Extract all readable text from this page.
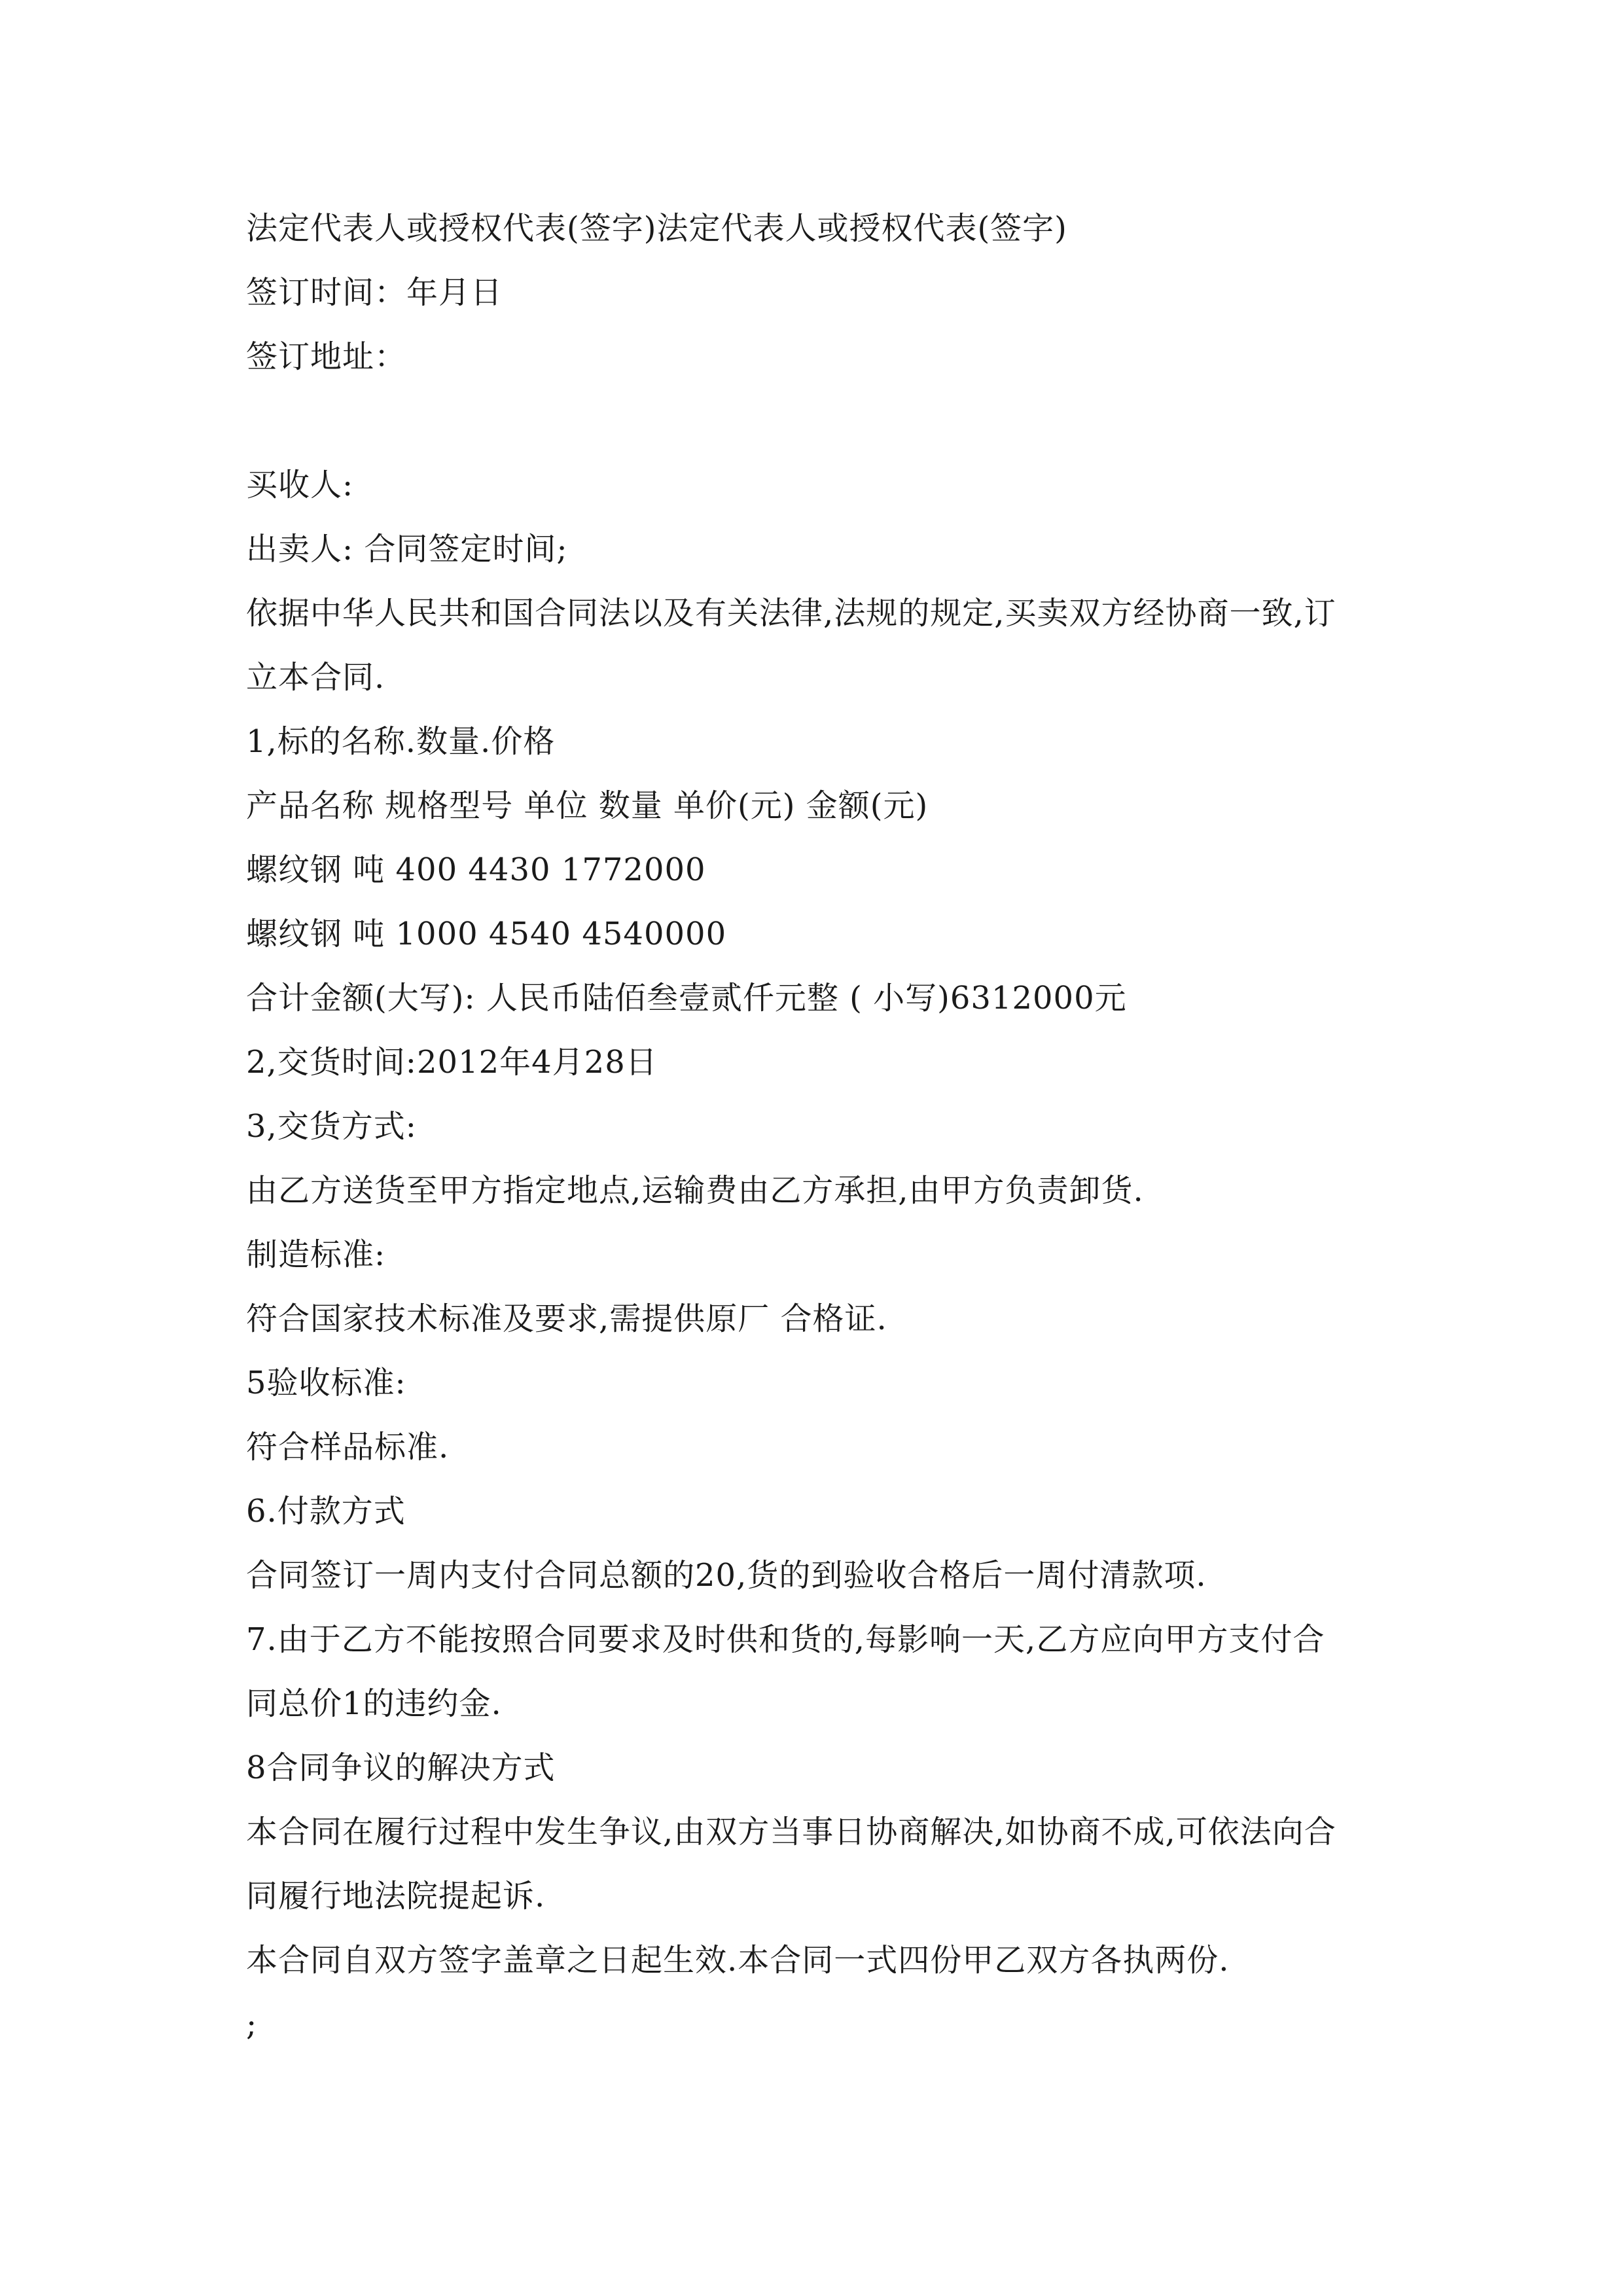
法定代表人或授权代表(签字)法定代表人或授权代表(签字)
签订时间：年月日
签订地址：
买收人:
出卖人: 合同签定时间;
依据中华人民共和国合同法以及有关法律,法规的规定,买卖双方经协商一致,订
立本合同.
1,标的名称.数量.价格
产品名称 规格型号 单位 数量 单价(元) 金额(元)
螺纹钢 吨 400 4430 1772000
螺纹钢 吨 1000 4540 4540000
合计金额(大写): 人民币陆佰叁壹贰仟元整 ( 小写)6312000元
2,交货时间:2012年4月28日
3,交货方式:
由乙方送货至甲方指定地点,运输费由乙方承担,由甲方负责卸货.
制造标准:
符合国家技术标准及要求,需提供原厂 合格证.
5验收标准:
符合样品标准.
6.付款方式
合同签订一周内支付合同总额的20,货的到验收合格后一周付清款项.
7.由于乙方不能按照合同要求及时供和货的,每影响一天,乙方应向甲方支付合
同总价1的违约金.
8合同争议的解决方式
本合同在履行过程中发生争议,由双方当事日协商解决,如协商不成,可依法向合
同履行地法院提起诉.
本合同自双方签字盖章之日起生效.本合同一式四份甲乙双方各执两份.
;
